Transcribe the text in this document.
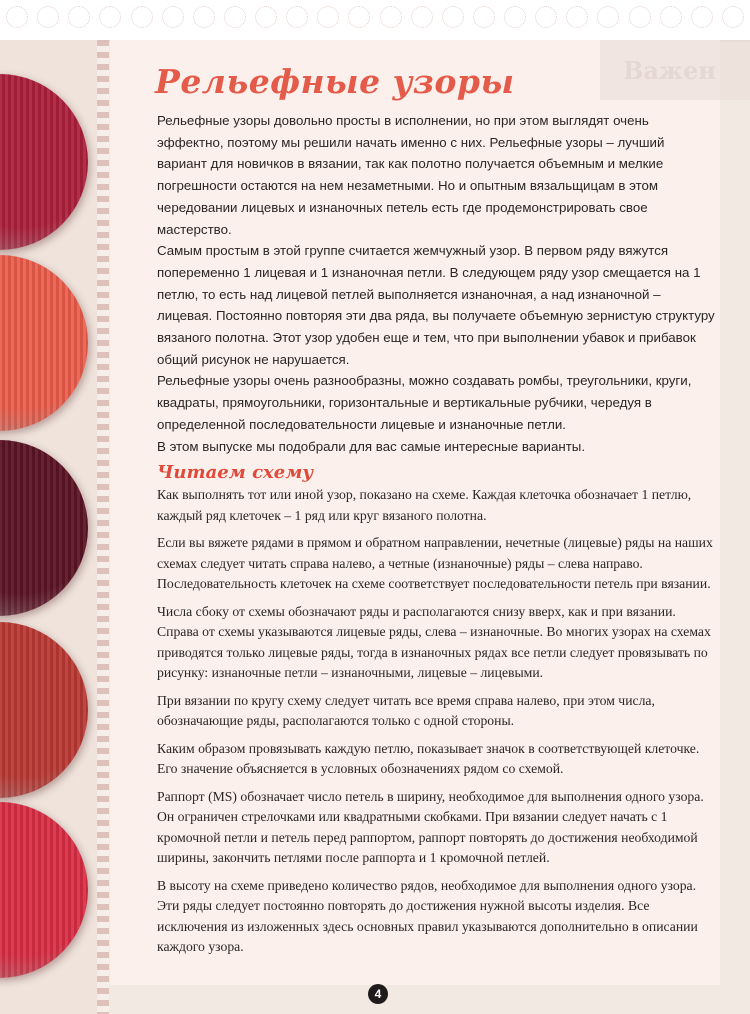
Важен
Рельефные узоры

Рельефные узоры довольно просты в исполнении, но при этом выглядят очень эффектно, поэтому мы решили начать именно с них. Рельефные узоры – лучший вариант для новичков в вязании, так как полотно получается объемным и мелкие погрешности остаются на нем незаметными. Но и опытным вязальщицам в этом чередовании лицевых и изнаночных петель есть где продемонстрировать свое мастерство.

Самым простым в этой группе считается жемчужный узор. В первом ряду вяжутся попеременно 1 лицевая и 1 изнаночная петли. В следующем ряду узор смещается на 1 петлю, то есть над лицевой петлей выполняется изнаночная, а над изнаночной – лицевая. Постоянно повторяя эти два ряда, вы получаете объемную зернистую структуру вязаного полотна. Этот узор удобен еще и тем, что при выполнении убавок и прибавок общий рисунок не нарушается.

Рельефные узоры очень разнообразны, можно создавать ромбы, треугольники, круги, квадраты, прямоугольники, горизонтальные и вертикальные рубчики, чередуя в определенной последовательности лицевые и изнаночные петли.

В этом выпуске мы подобрали для вас самые интересные варианты.

Читаем схему

Как выполнять тот или иной узор, показано на схеме. Каждая клеточка обозначает 1 петлю, каждый ряд клеточек – 1 ряд или круг вязаного полотна.

Если вы вяжете рядами в прямом и обратном направлении, нечетные (лицевые) ряды на наших схемах следует читать справа налево, а четные (изнаночные) ряды – слева направо. Последовательность клеточек на схеме соответствует последовательности петель при вязании.

Числа сбоку от схемы обозначают ряды и располагаются снизу вверх, как и при вязании. Справа от схемы указываются лицевые ряды, слева – изнаночные. Во многих узорах на схемах приводятся только лицевые ряды, тогда в изнаночных рядах все петли следует провязывать по рисунку: изнаночные петли – изнаночными, лицевые – лицевыми.

При вязании по кругу схему следует читать все время справа налево, при этом числа, обозначающие ряды, располагаются только с одной стороны.

Каким образом провязывать каждую петлю, показывает значок в соответствующей клеточке. Его значение объясняется в условных обозначениях рядом со схемой.

Раппорт (MS) обозначает число петель в ширину, необходимое для выполнения одного узора. Он ограничен стрелочками или квадратными скобками. При вязании следует начать с 1 кромочной петли и петель перед раппортом, раппорт повторять до достижения необходимой ширины, закончить петлями после раппорта и 1 кромочной петлей.

В высоту на схеме приведено количество рядов, необходимое для выполнения одного узора. Эти ряды следует постоянно повторять до достижения нужной высоты изделия. Все исключения из изложенных здесь основных правил указываются дополнительно в описании каждого узора.

4
